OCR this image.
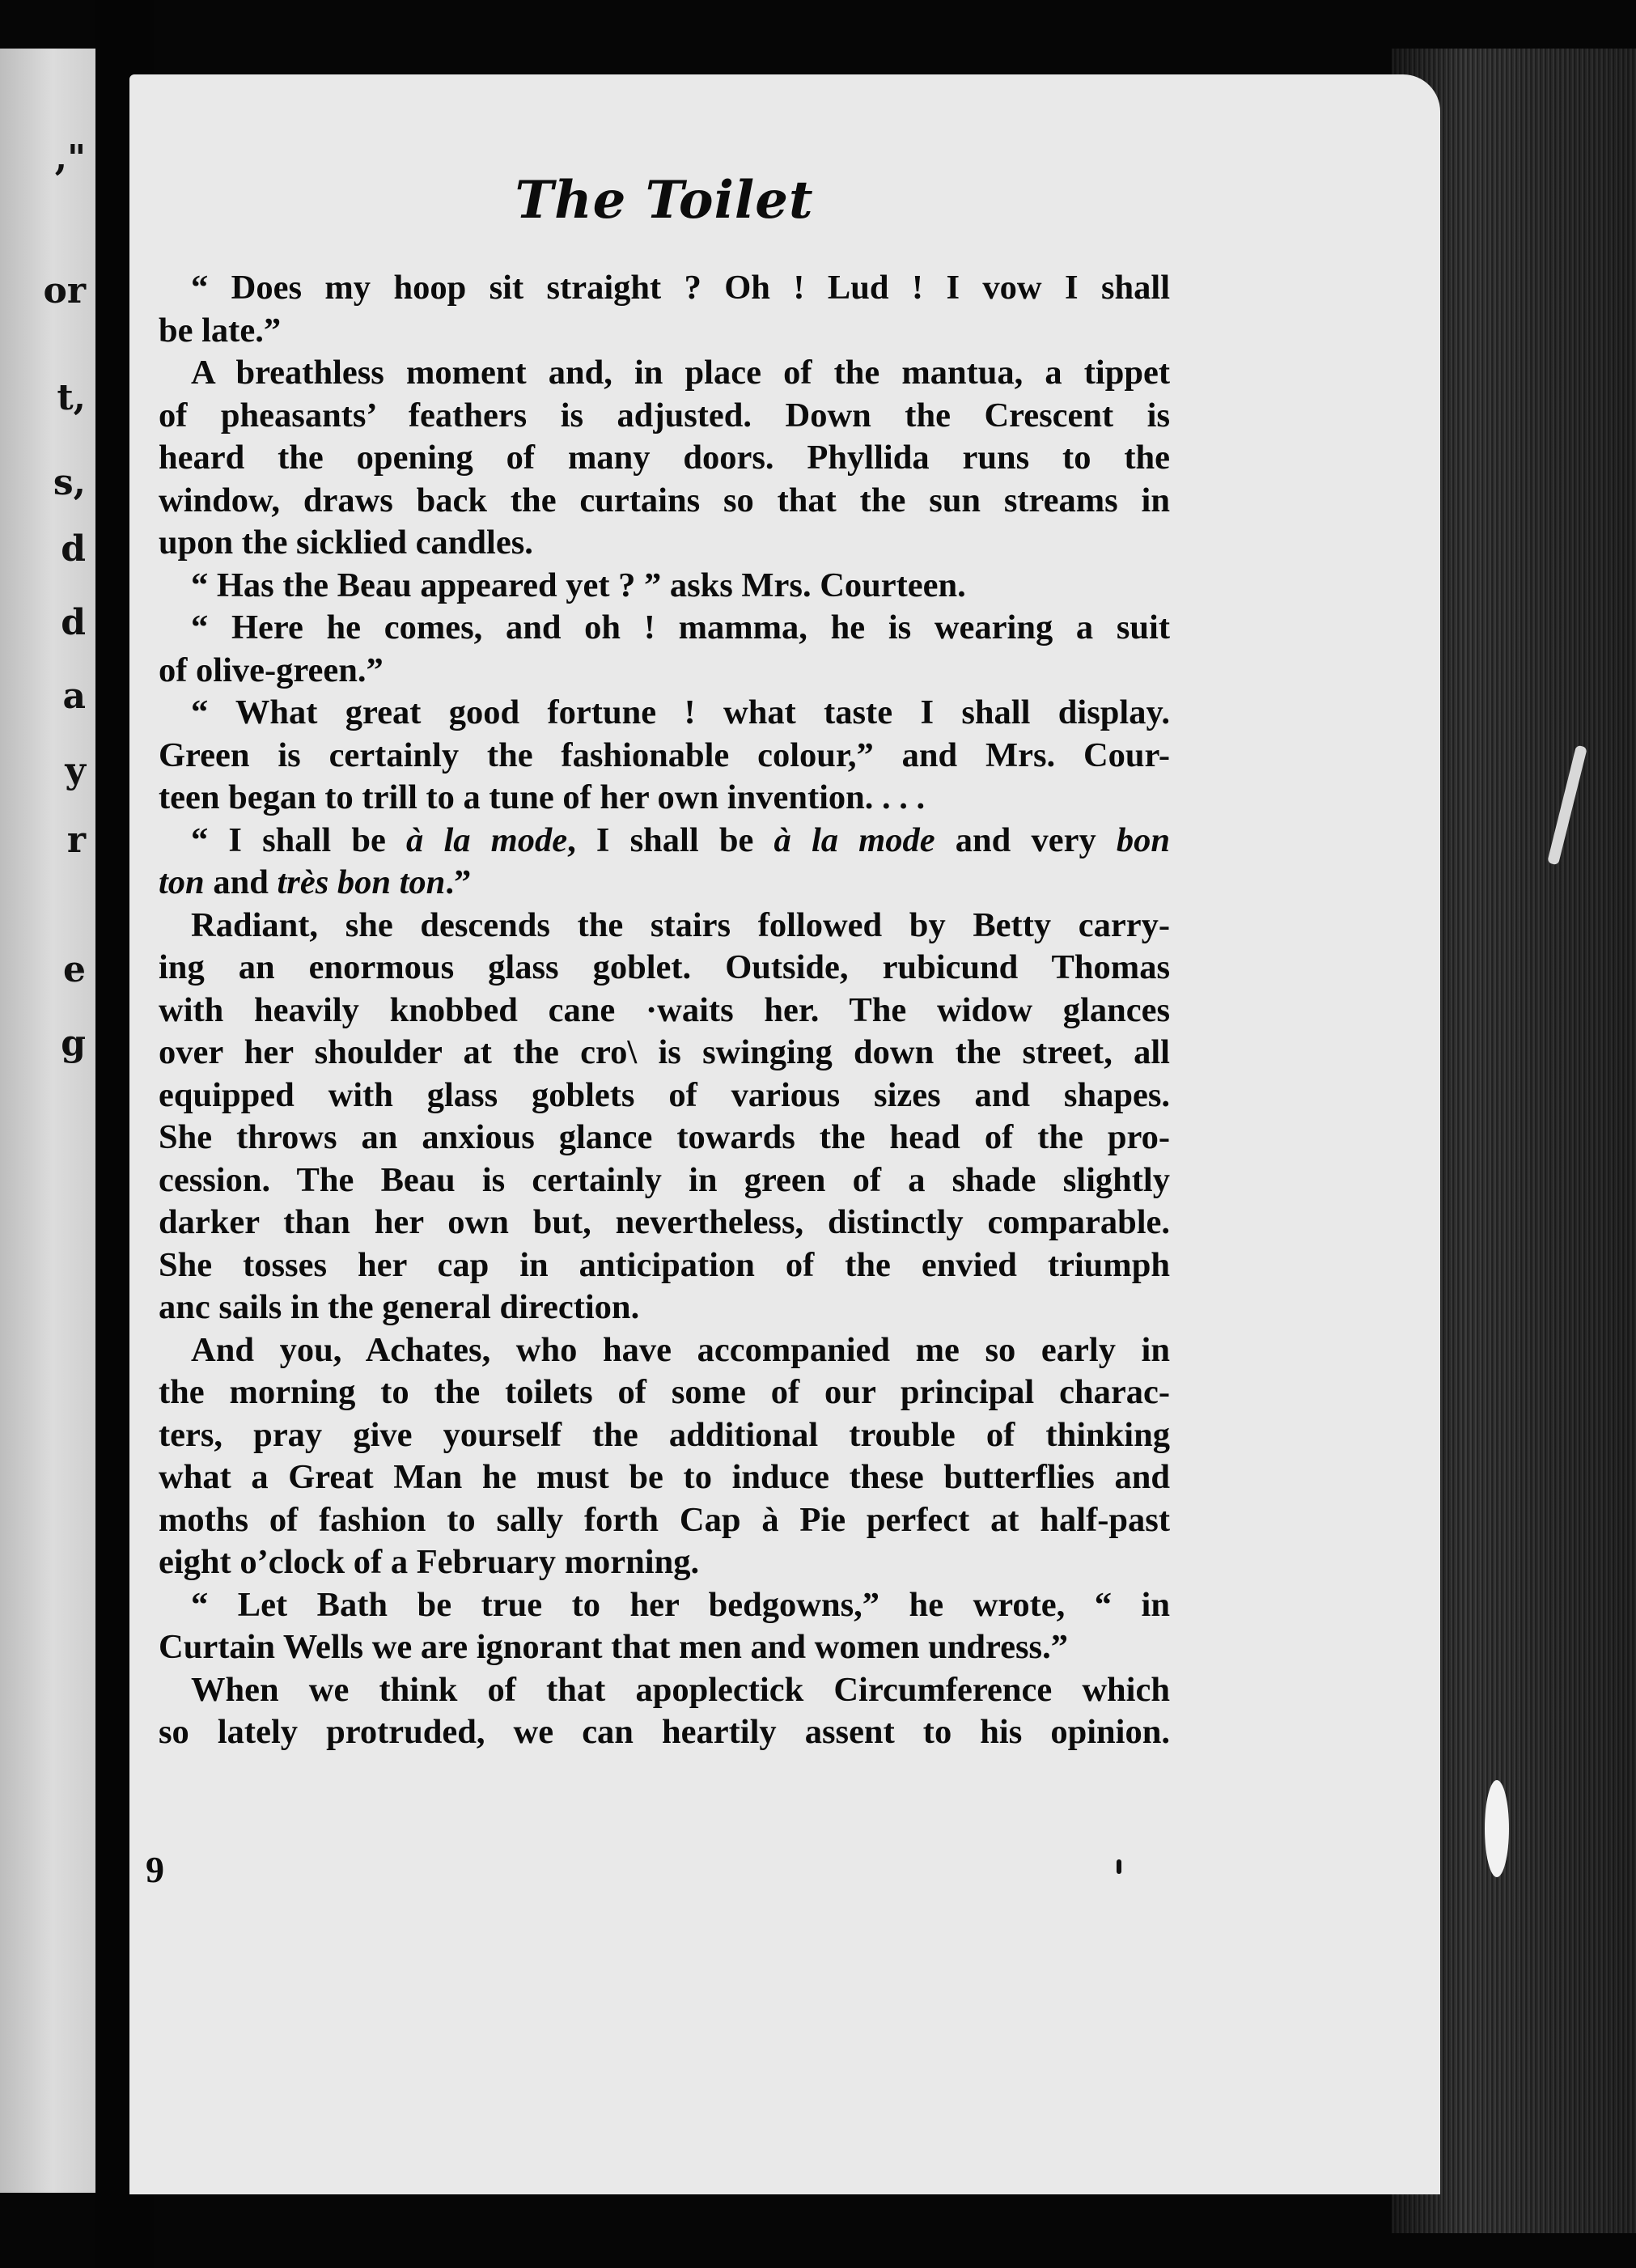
,"
or
t,
s,
d
d
a
y
r
e
g
The Toilet
“ Does my hoop sit straight ? Oh ! Lud ! I vow I shall
be late.”
A breathless moment and, in place of the mantua, a tippet
of pheasants’ feathers is adjusted. Down the Crescent is
heard the opening of many doors. Phyllida runs to the
window, draws back the curtains so that the sun streams in
upon the sicklied candles.
“ Has the Beau appeared yet ? ” asks Mrs. Courteen.
“ Here he comes, and oh ! mamma, he is wearing a suit
of olive-green.”
“ What great good fortune ! what taste I shall display.
Green is certainly the fashionable colour,” and Mrs. Cour-
teen began to trill to a tune of her own invention. . . .
“ I shall be à la mode, I shall be à la mode and very bon
ton and très bon ton.”
Radiant, she descends the stairs followed by Betty carry-
ing an enormous glass goblet. Outside, rubicund Thomas
with heavily knobbed cane ·waits her. The widow glances
over her shoulder at the cro\ is swinging down the street, all
equipped with glass goblets of various sizes and shapes.
She throws an anxious glance towards the head of the pro-
cession. The Beau is certainly in green of a shade slightly
darker than her own but, nevertheless, distinctly comparable.
She tosses her cap in anticipation of the envied triumph
anc sails in the general direction.
And you, Achates, who have accompanied me so early in
the morning to the toilets of some of our principal charac-
ters, pray give yourself the additional trouble of thinking
what a Great Man he must be to induce these butterflies and
moths of fashion to sally forth Cap à Pie perfect at half-past
eight o’clock of a February morning.
“ Let Bath be true to her bedgowns,” he wrote, “ in
Curtain Wells we are ignorant that men and women undress.”
When we think of that apoplectick Circumference which
so lately protruded, we can heartily assent to his opinion.
9
